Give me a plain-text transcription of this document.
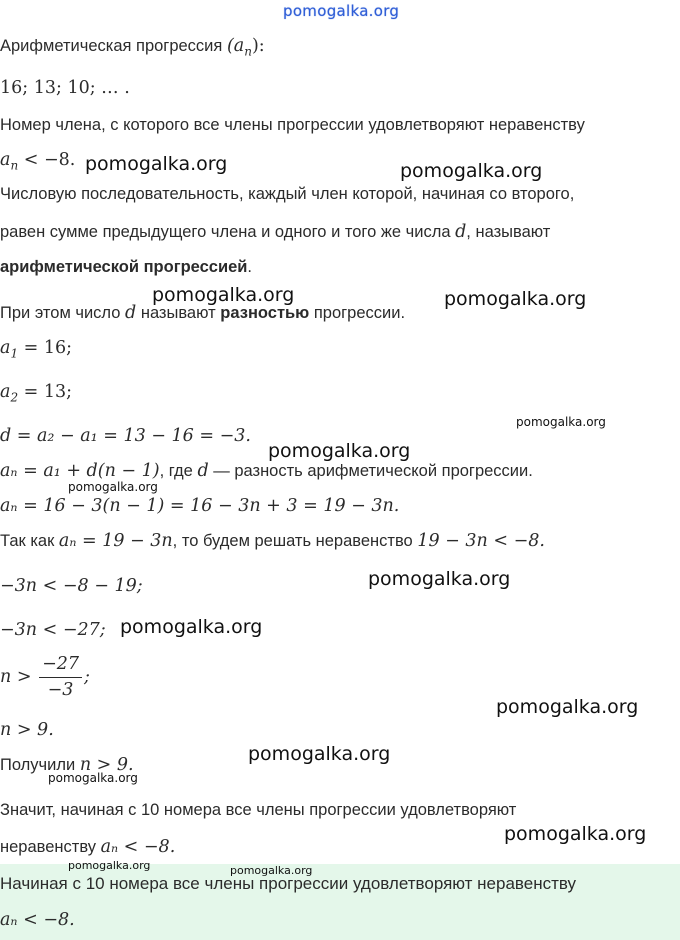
pomogalka.org
Арифметическая прогрессия $(a_n)$:
16; 13; 10; … .
Номер члена, с которого все члены прогрессии удовлетворяют неравенству
$a_n < -8$.
Числовую последовательность, каждый член которой, начиная со второго,
равен сумме предыдущего члена и одного и того же числа d, называют
арифметической прогрессией.
При этом число d называют разностью прогрессии.
$a_1 = 16$;
$a_2 = 13$;
d = a₂ − a₁ = 13 − 16 = −3.
aₙ = a₁ + d(n − 1), где d — разность арифметической прогрессии.
aₙ = 16 − 3(n − 1) = 16 − 3n + 3 = 19 − 3n.
Так как aₙ = 19 − 3n, то будем решать неравенство 19 − 3n < −8.
−3n < −8 − 19;
−3n < −27;
$n > \frac{-27}{-3}$ ;
n > 9.
Получили n > 9.
Значит, начиная с 10 номера все члены прогрессии удовлетворяют
неравенству aₙ < −8.
Начиная с 10 номера все члены прогрессии удовлетворяют неравенству
aₙ < −8.
pomogalka.org	pomogalka.org
pomogalka.org	pomogalka.org
pomogalka.org
pomogalka.org
pomogalka.org
pomogalka.org
pomogalka.org
pomogalka.org
pomogalka.org
pomogalka.org
pomogalka.org
pomogalka.org	pomogalka.org
